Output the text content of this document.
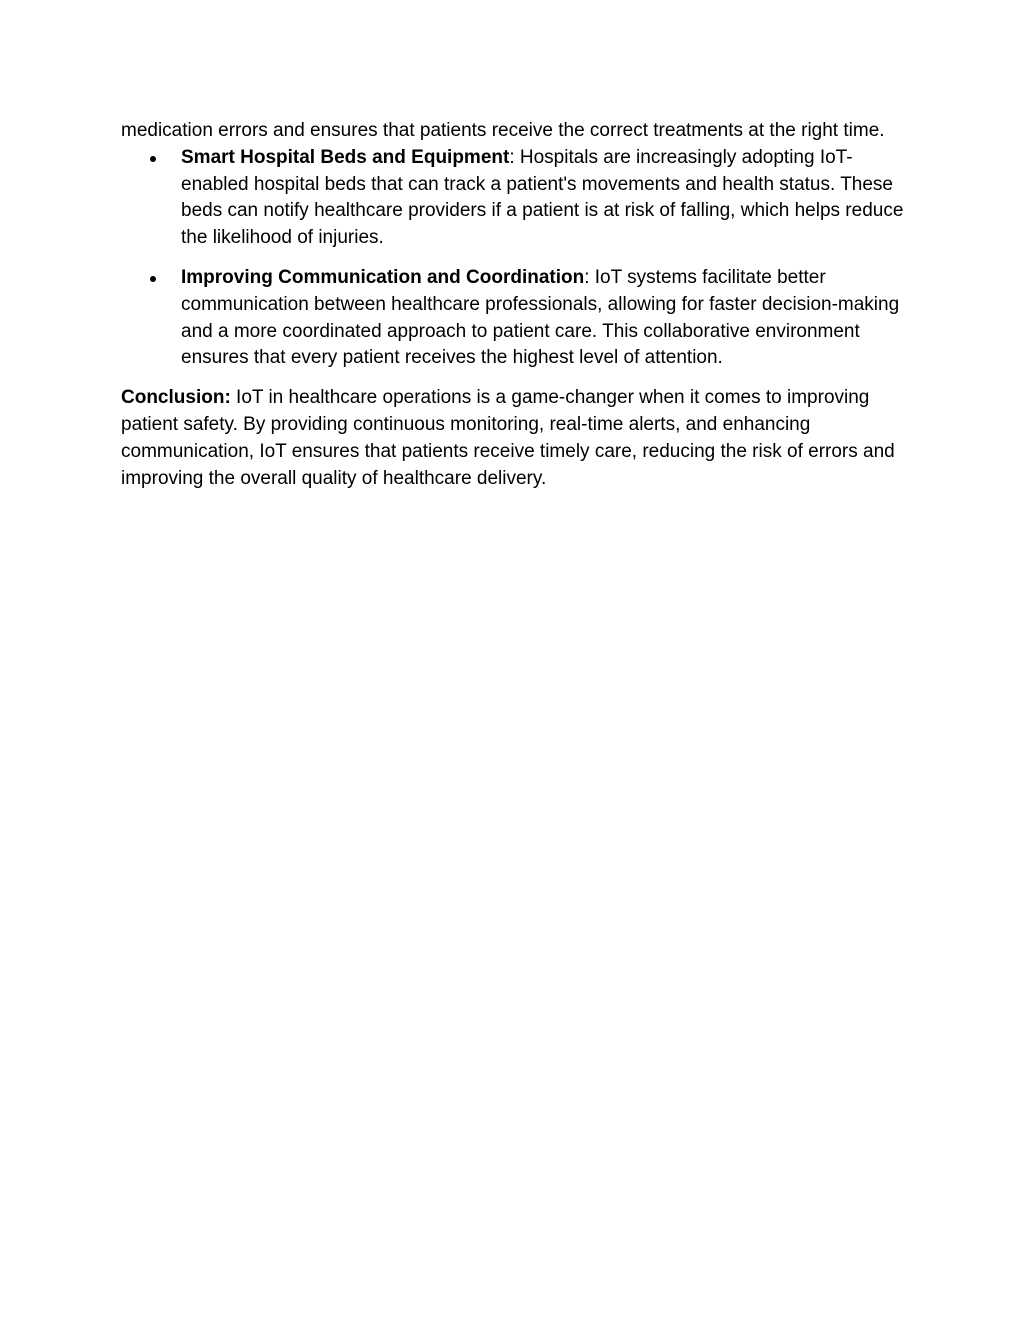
medication errors and ensures that patients receive the correct treatments at the right time.

Smart Hospital Beds and Equipment: Hospitals are increasingly adopting IoT-enabled hospital beds that can track a patient's movements and health status. These beds can notify healthcare providers if a patient is at risk of falling, which helps reduce the likelihood of injuries.
Improving Communication and Coordination: IoT systems facilitate better communication between healthcare professionals, allowing for faster decision-making and a more coordinated approach to patient care. This collaborative environment ensures that every patient receives the highest level of attention.

Conclusion: IoT in healthcare operations is a game-changer when it comes to improving patient safety. By providing continuous monitoring, real-time alerts, and enhancing communication, IoT ensures that patients receive timely care, reducing the risk of errors and improving the overall quality of healthcare delivery.
